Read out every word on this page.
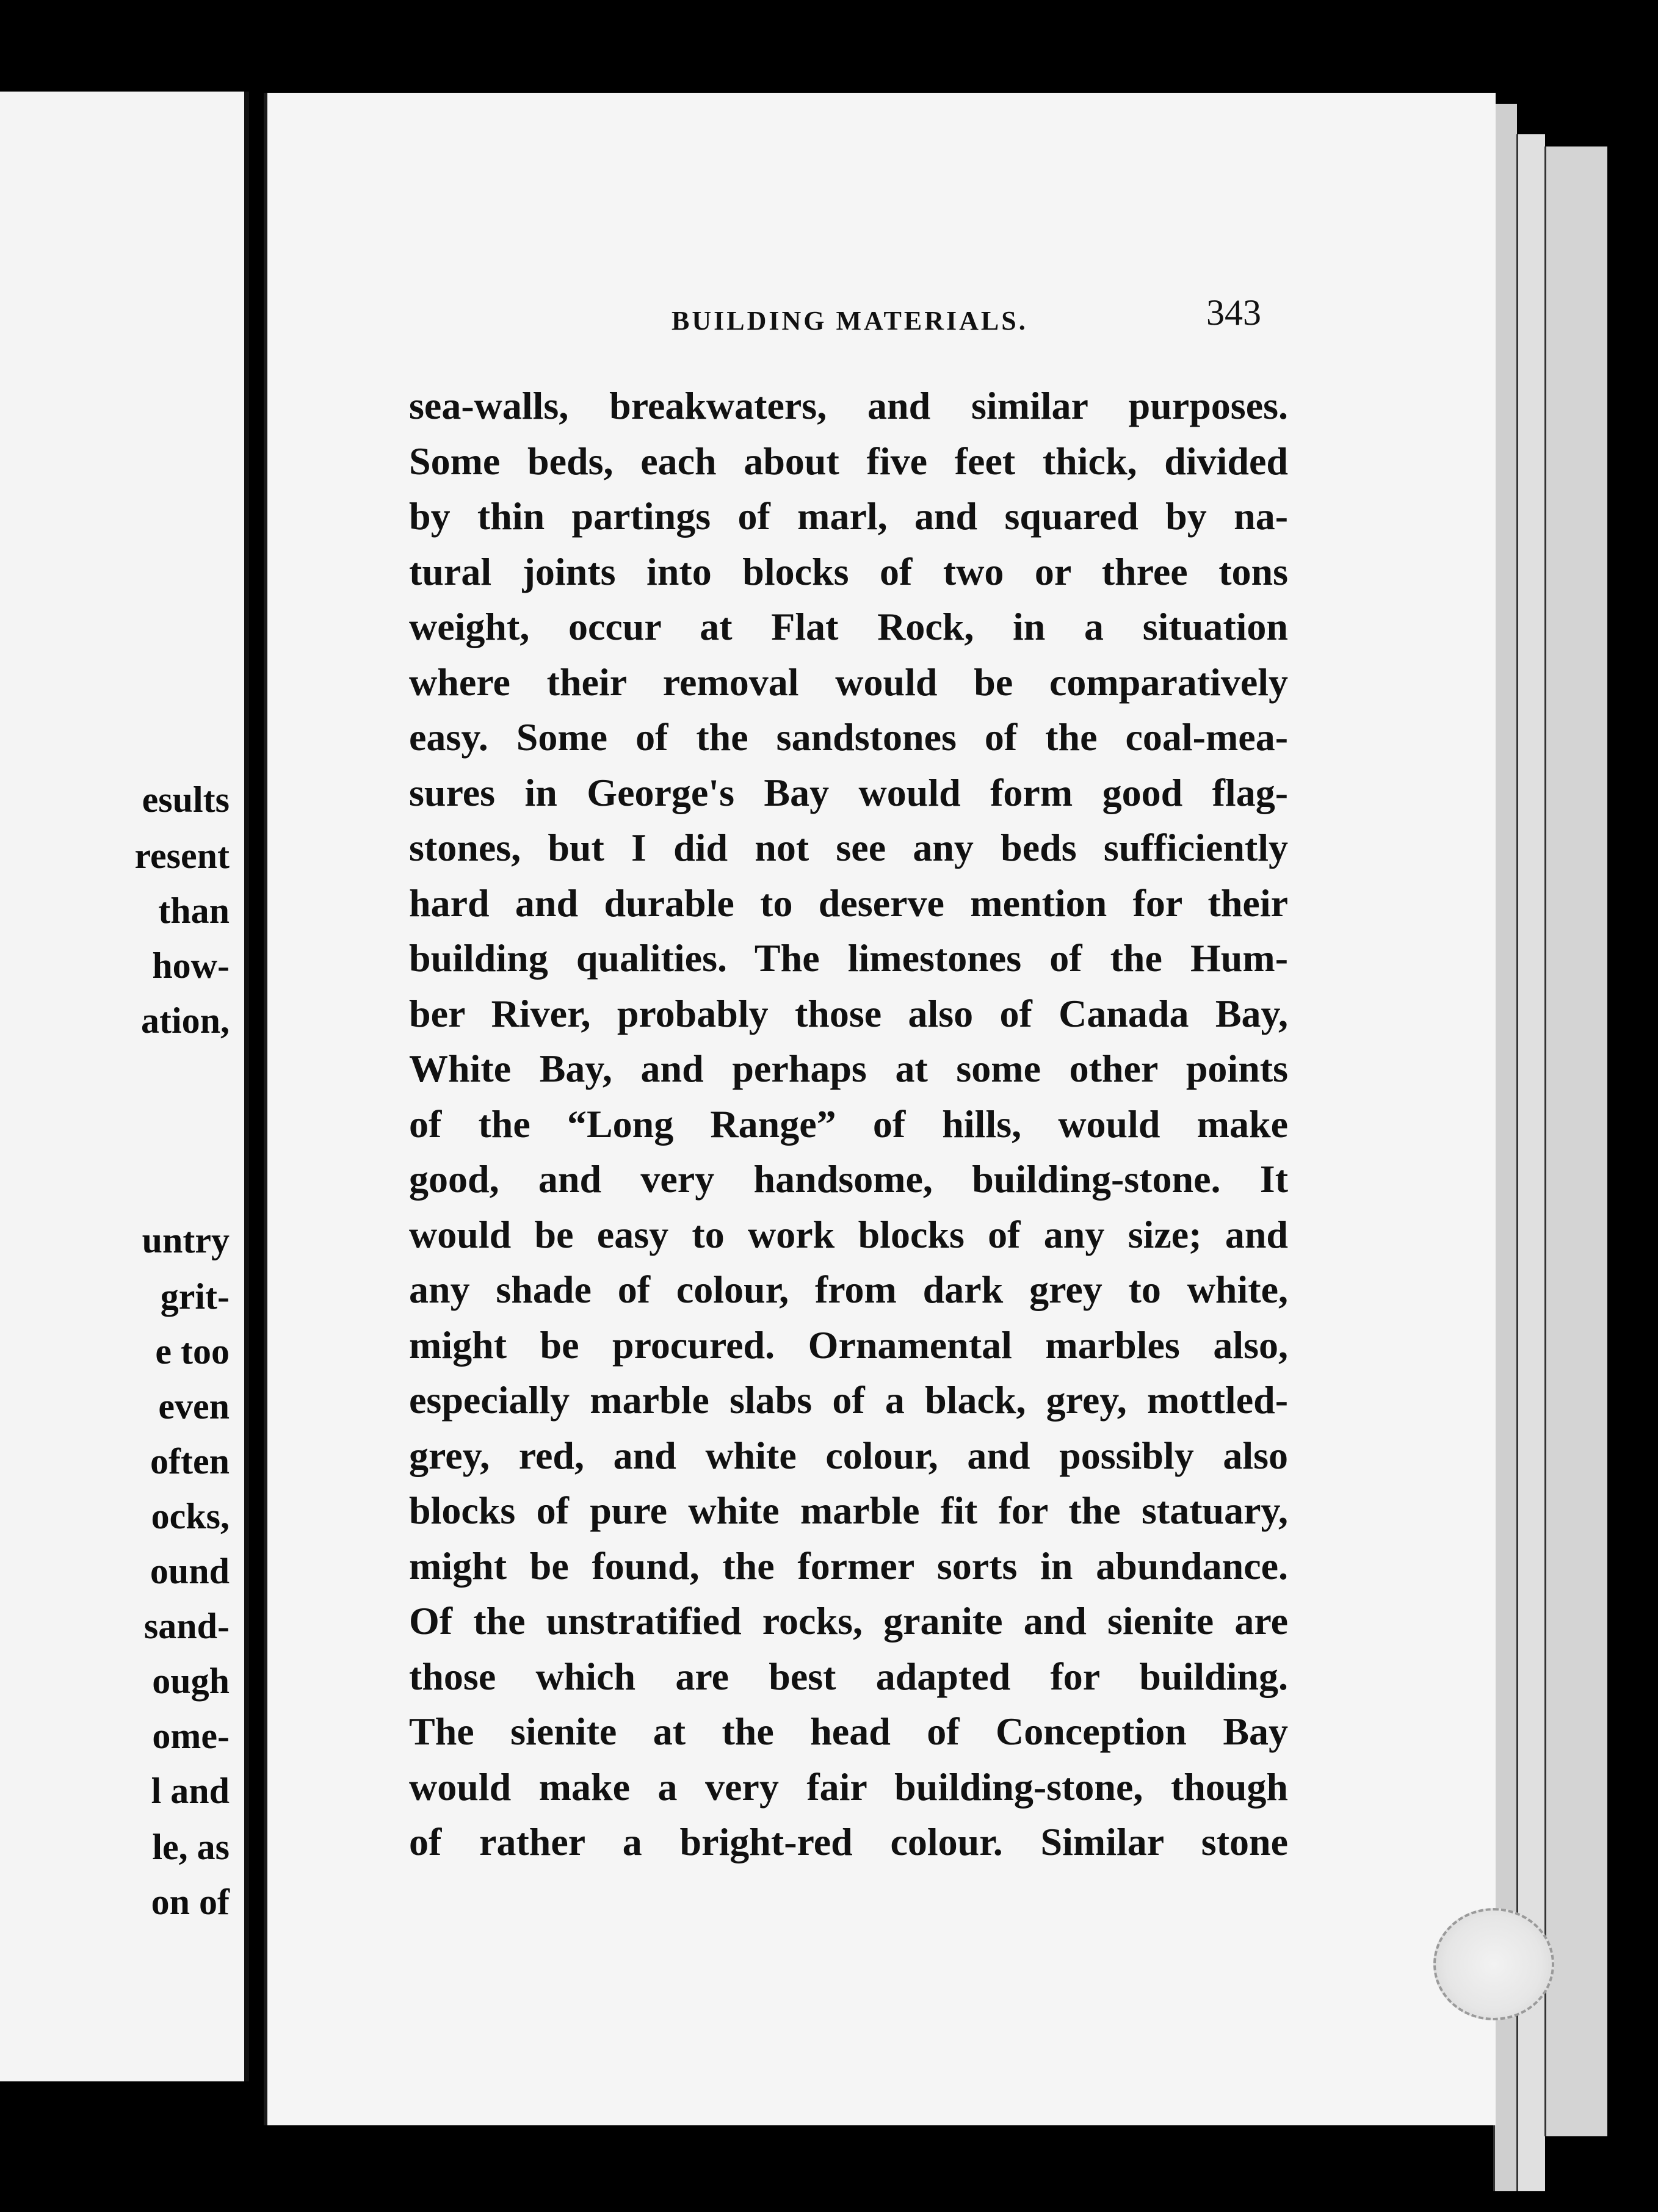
esults
resent
than
how-
ation,
untry
grit-
e too
even
often
ocks,
ound
sand-
ough
ome-
l and
le, as
on of
BUILDING MATERIALS.	343
sea-walls, breakwaters, and similar purposes.
Some beds, each about five feet thick, divided
by thin partings of marl, and squared by na-
tural joints into blocks of two or three tons
weight, occur at Flat Rock, in a situation
where their removal would be comparatively
easy. Some of the sandstones of the coal-mea-
sures in George's Bay would form good flag-
stones, but I did not see any beds sufficiently
hard and durable to deserve mention for their
building qualities. The limestones of the Hum-
ber River, probably those also of Canada Bay,
White Bay, and perhaps at some other points
of the “Long Range” of hills, would make
good, and very handsome, building-stone. It
would be easy to work blocks of any size; and
any shade of colour, from dark grey to white,
might be procured. Ornamental marbles also,
especially marble slabs of a black, grey, mottled-
grey, red, and white colour, and possibly also
blocks of pure white marble fit for the statuary,
might be found, the former sorts in abundance.
Of the unstratified rocks, granite and sienite are
those which are best adapted for building.
The sienite at the head of Conception Bay
would make a very fair building-stone, though
of rather a bright-red colour. Similar stone
